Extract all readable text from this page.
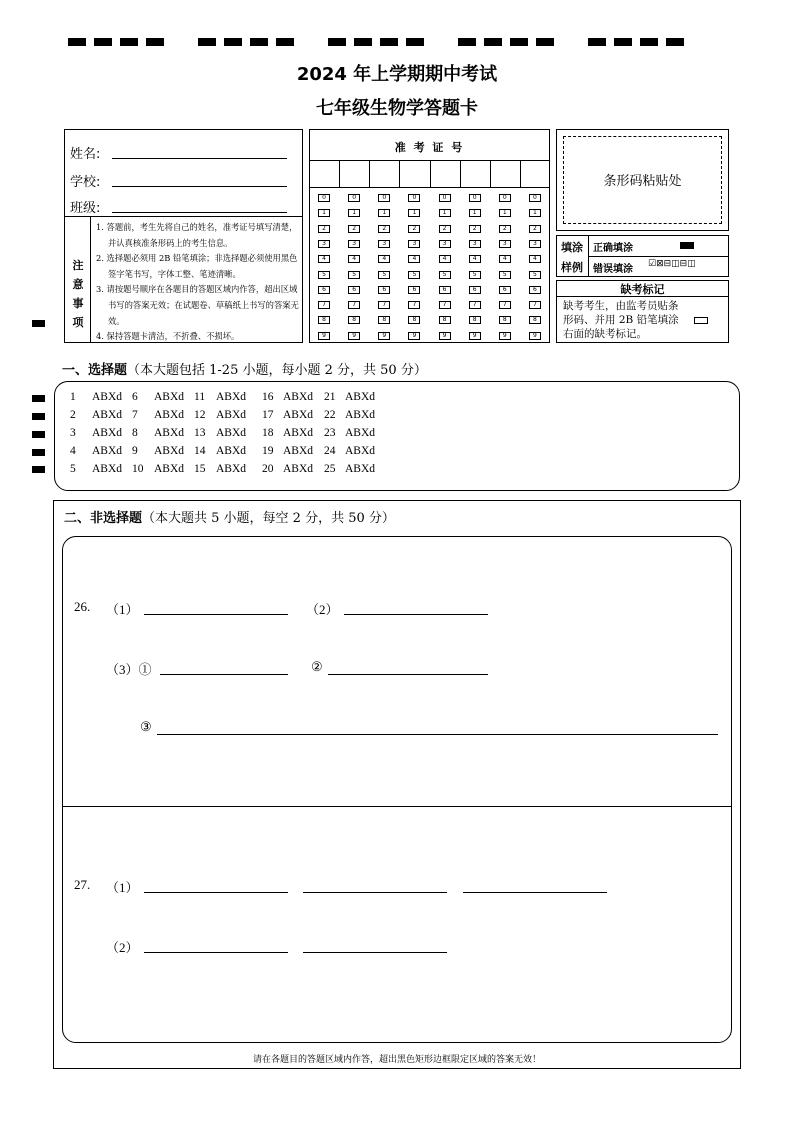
2024 年上学期期中考试
七年级生物学答题卡
姓名:
学校:
班级:
注
意
事
项
1. 答题前，考生先将自己的姓名，准考证号填写清楚，并认真核准条形码上的考生信息。
2. 选择题必须用 2B 铅笔填涂；非选择题必须使用黑色签字笔书写，字体工整、笔迹清晰。
3. 请按题号顺序在各题目的答题区域内作答，超出区域书写的答案无效；在试题卷、草稿纸上书写的答案无效。
4. 保持答题卡清洁，不折叠、不损坏。
准 考 证 号
0
1
2
3
4
5
6
7
8
9
0
1
2
3
4
5
6
7
8
9
0
1
2
3
4
5
6
7
8
9
0
1
2
3
4
5
6
7
8
9
0
1
2
3
4
5
6
7
8
9
0
1
2
3
4
5
6
7
8
9
0
1
2
3
4
5
6
7
8
9
0
1
2
3
4
5
6
7
8
9
条形码粘贴处
填涂
样例
正确填涂
错误填涂 ☑⊠⊟◫⊟◫
缺考标记
缺考考生，由监考员贴条
形码、并用 2B 铅笔填涂
右面的缺考标记。
一、选择题（本大题包括 1-25 小题，每小题 2 分，共 50 分）
1 ABXd 6 ABXd 11 ABXd 16 ABXd 21 ABXd
2 ABXd 7 ABXd 12 ABXd 17 ABXd 22 ABXd
3 ABXd 8 ABXd 13 ABXd 18 ABXd 23 ABXd
4 ABXd 9 ABXd 14 ABXd 19 ABXd 24 ABXd
5 ABXd 10 ABXd 15 ABXd 20 ABXd 25 ABXd
二、非选择题（本大题共 5 小题，每空 2 分，共 50 分）
26. （1）	（2）
（3）①	②
③
27. （1）
（2）
请在各题目的答题区域内作答，超出黑色矩形边框限定区域的答案无效！
